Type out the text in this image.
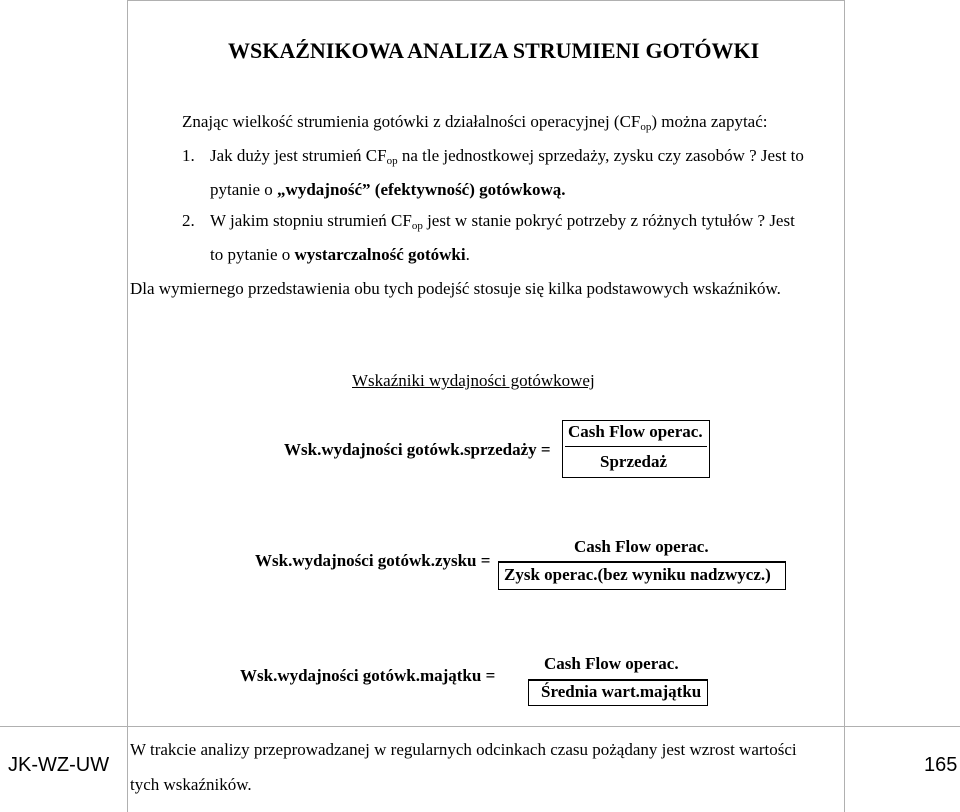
WSKAŹNIKOWA ANALIZA STRUMIENI GOTÓWKI
Znając wielkość strumienia gotówki z działalności operacyjnej $(CF_{op})$ można zapytać:
1. Jak duży jest strumień $CF_{op}$ na tle jednostkowej sprzedaży, zysku czy zasobów ? Jest to
pytanie o „wydajność” (efektywność) gotówkową.
2. W jakim stopniu strumień $CF_{op}$ jest w stanie pokryć potrzeby z różnych tytułów ? Jest
to pytanie o wystarczalność gotówki.
Dla wymiernego przedstawienia obu tych podejść stosuje się kilka podstawowych wskaźników.
Wskaźniki wydajności gotówkowej
Wsk.wydajności gotówk.sprzedaży =
Cash Flow operac.
Sprzedaż
Wsk.wydajności gotówk.zysku =
Cash Flow operac.
Zysk operac.(bez wyniku nadzwycz.)
Wsk.wydajności gotówk.majątku =
Cash Flow operac.
Średnia wart.majątku
W trakcie analizy przeprowadzanej w regularnych odcinkach czasu pożądany jest wzrost wartości
tych wskaźników.
JK-WZ-UW	165
